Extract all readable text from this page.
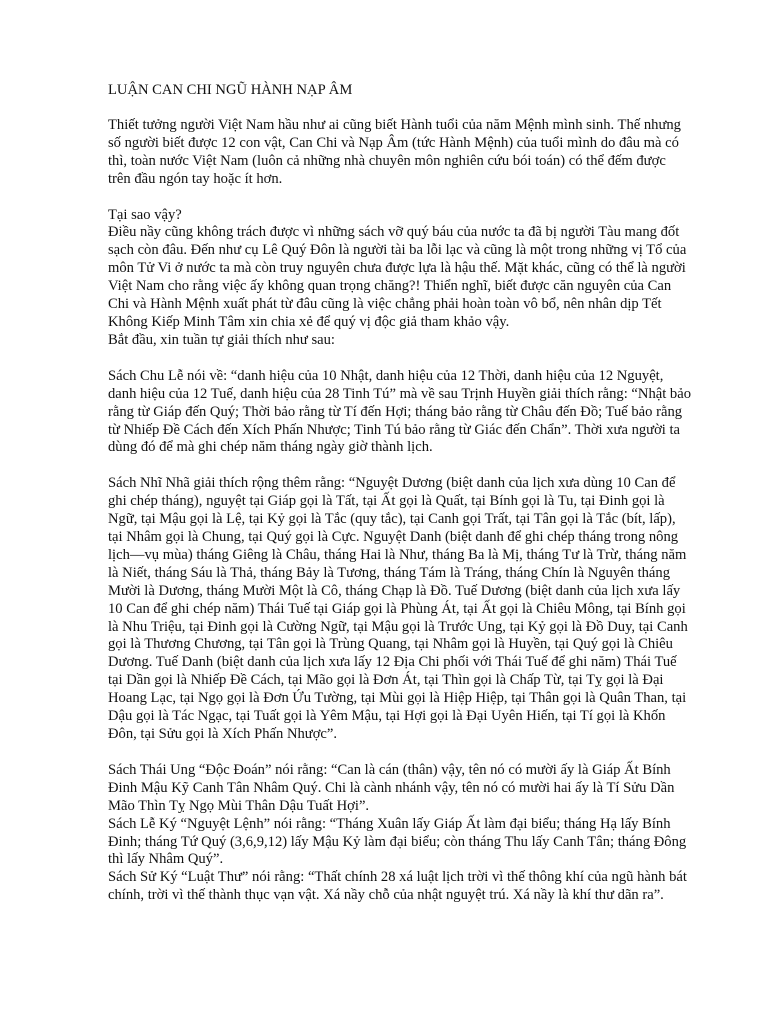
LUẬN CAN CHI NGŨ HÀNH NẠP ÂM

Thiết tưởng người Việt Nam hầu như ai cũng biết Hành tuổi của năm Mệnh mình sinh. Thế nhưng số người biết được 12 con vật, Can Chi và Nạp Âm (tức Hành Mệnh) của tuổi mình do đâu mà có thì, toàn nước Việt Nam (luôn cả những nhà chuyên môn nghiên cứu bói toán) có thể đếm được trên đầu ngón tay hoặc ít hơn.

Tại sao vậy?

Điều nầy cũng không trách được vì những sách vỡ quý báu của nước ta đã bị người Tàu mang đốt sạch còn đâu. Đến như cụ Lê Quý Đôn là người tài ba lỗi lạc và cũng là một trong những vị Tổ của môn Tử Vi ở nước ta mà còn truy nguyên chưa được lựa là hậu thế. Mặt khác, cũng có thể là người Việt Nam cho rằng việc ấy không quan trọng chăng?! Thiển nghĩ, biết được căn nguyên của Can Chi và Hành Mệnh xuất phát từ đâu cũng là việc chẳng phải hoàn toàn vô bổ, nên nhân dịp Tết Không Kiếp Minh Tâm xin chia xẻ để quý vị độc giả tham khảo vậy.

Bắt đầu, xin tuần tự giải thích như sau:

Sách Chu Lễ nói về: “danh hiệu của 10 Nhật, danh hiệu của 12 Thời, danh hiệu của 12 Nguyệt, danh hiệu của 12 Tuế, danh hiệu của 28 Tinh Tú” mà về sau Trịnh Huyền giải thích rằng: “Nhật bảo rằng từ Giáp đến Quý; Thời bảo rằng từ Tí đến Hợi; tháng bảo rằng từ Châu đến Đồ; Tuế bảo rằng từ Nhiếp Đề Cách đến Xích Phấn Nhược; Tinh Tú bảo rằng từ Giác đến Chẩn”. Thời xưa người ta dùng đó để mà ghi chép năm tháng ngày giờ thành lịch.

Sách Nhĩ Nhã giải thích rộng thêm rằng: “Nguyệt Dương (biệt danh của lịch xưa dùng 10 Can để ghi chép tháng), nguyệt tại Giáp gọi là Tất, tại Ất gọi là Quất, tại Bính gọi là Tu, tại Đinh gọi là Ngữ, tại Mậu gọi là Lệ, tại Kỷ gọi là Tắc (quy tắc), tại Canh gọi Trất, tại Tân gọi là Tắc (bít, lấp), tại Nhâm gọi là Chung, tại Quý gọi là Cực. Nguyệt Danh (biệt danh để ghi chép tháng trong nông lịch—vụ mùa) tháng Giêng là Châu, tháng Hai là Như, tháng Ba là Mị, tháng Tư là Trừ, tháng năm là Niết, tháng Sáu là Thả, tháng Bảy là Tương, tháng Tám là Tráng, tháng Chín là Nguyên tháng Mười là Dương, tháng Mười Một là Cô, tháng Chạp là Đồ. Tuế Dương (biệt danh của lịch xưa lấy 10 Can để ghi chép năm) Thái Tuế tại Giáp gọi là Phùng Át, tại Ất gọi là Chiêu Mông, tại Bính gọi là Nhu Triệu, tại Đinh gọi là Cường Ngữ, tại Mậu gọi là Trước Ung, tại Kỷ gọi là Đồ Duy, tại Canh gọi là Thương Chương, tại Tân gọi là Trùng Quang, tại Nhâm gọi là Huyền, tại Quý gọi là Chiêu Dương. Tuế Danh (biệt danh của lịch xưa lấy 12 Địa Chi phối với Thái Tuế để ghi năm) Thái Tuế tại Dần gọi là Nhiếp Đề Cách, tại Mão gọi là Đơn Át, tại Thìn gọi là Chấp Từ, tại Tỵ gọi là Đại Hoang Lạc, tại Ngọ gọi là Đơn Ứu Tường, tại Mùi gọi là Hiệp Hiệp, tại Thân gọi là Quân Than, tại Dậu gọi là Tác Ngạc, tại Tuất gọi là Yêm Mậu, tại Hợi gọi là Đại Uyên Hiến, tại Tí gọi là Khốn Đôn, tại Sửu gọi là Xích Phấn Nhược”.

Sách Thái Ung “Độc Đoán” nói rằng: “Can là cán (thân) vậy, tên nó có mười ấy là Giáp Ất Bính Đinh Mậu Kỹ Canh Tân Nhâm Quý. Chi là cành nhánh vậy, tên nó có mười hai ấy là Tí Sửu Dần Mão Thìn Tỵ Ngọ Mùi Thân Dậu Tuất Hợi”.

Sách Lễ Ký “Nguyệt Lệnh” nói rằng: “Tháng Xuân lấy Giáp Ất làm đại biểu; tháng Hạ lấy Bính Đinh; tháng Tứ Quý (3,6,9,12) lấy Mậu Kỷ làm đại biểu; còn tháng Thu lấy Canh Tân; tháng Đông thì lấy Nhâm Quý”.

Sách Sử Ký “Luật Thư” nói rằng: “Thất chính 28 xá luật lịch trời vì thế thông khí của ngũ hành bát chính, trời vì thế thành thục vạn vật. Xá nầy chỗ của nhật nguyệt trú. Xá nầy là khí thư dãn ra”.
